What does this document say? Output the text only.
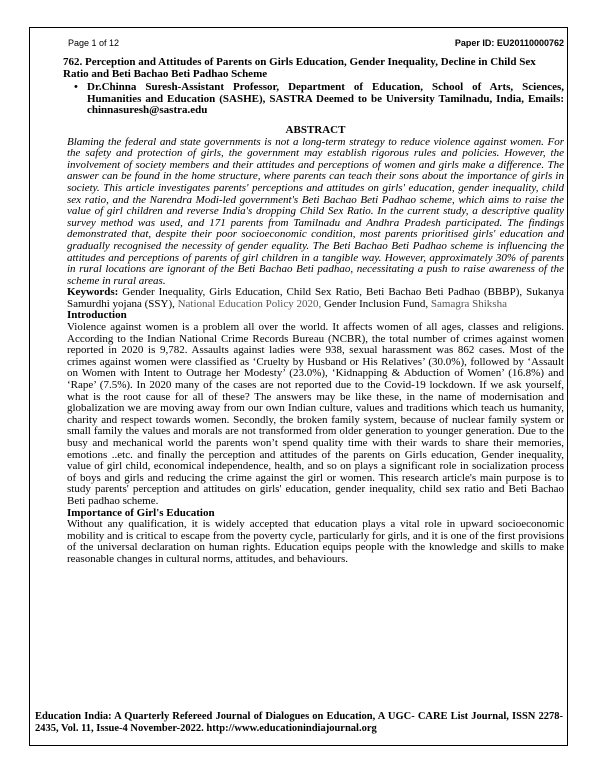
Page 1 of 12	Paper ID: EU20110000762
762. Perception and Attitudes of Parents on Girls Education, Gender Inequality, Decline in Child Sex Ratio and Beti Bachao Beti Padhao Scheme
• Dr.Chinna Suresh-Assistant Professor, Department of Education, School of Arts, Sciences, Humanities and Education (SASHE), SASTRA Deemed to be University Tamilnadu, India, Emails: chinnasuresh@sastra.edu
ABSTRACT
Blaming the federal and state governments is not a long-term strategy to reduce violence against women. For the safety and protection of girls, the government may establish rigorous rules and policies. However, the involvement of society members and their attitudes and perceptions of women and girls make a difference. The answer can be found in the home structure, where parents can teach their sons about the importance of girls in society. This article investigates parents' perceptions and attitudes on girls' education, gender inequality, child sex ratio, and the Narendra Modi-led government's Beti Bachao Beti Padhao scheme, which aims to raise the value of girl children and reverse India's dropping Child Sex Ratio. In the current study, a descriptive quality survey method was used, and 171 parents from Tamilnadu and Andhra Pradesh participated. The findings demonstrated that, despite their poor socioeconomic condition, most parents prioritised girls' education and gradually recognised the necessity of gender equality. The Beti Bachao Beti Padhao scheme is influencing the attitudes and perceptions of parents of girl children in a tangible way. However, approximately 30% of parents in rural locations are ignorant of the Beti Bachao Beti padhao, necessitating a push to raise awareness of the scheme in rural areas.
Keywords: Gender Inequality, Girls Education, Child Sex Ratio, Beti Bachao Beti Padhao (BBBP), Sukanya Samurdhi yojana (SSY), National Education Policy 2020, Gender Inclusion Fund, Samagra Shiksha
Introduction
Violence against women is a problem all over the world. It affects women of all ages, classes and religions. According to the Indian National Crime Records Bureau (NCBR), the total number of crimes against women reported in 2020 is 9,782. Assaults against ladies were 938, sexual harassment was 862 cases. Most of the crimes against women were classified as ‘Cruelty by Husband or His Relatives’ (30.0%), followed by ‘Assault on Women with Intent to Outrage her Modesty’ (23.0%), ‘Kidnapping & Abduction of Women’ (16.8%) and ‘Rape’ (7.5%). In 2020 many of the cases are not reported due to the Covid-19 lockdown. If we ask yourself, what is the root cause for all of these? The answers may be like these, in the name of modernisation and globalization we are moving away from our own Indian culture, values and traditions which teach us humanity, charity and respect towards women. Secondly, the broken family system, because of nuclear family system or small family the values and morals are not transformed from older generation to younger generation. Due to the busy and mechanical world the parents won’t spend quality time with their wards to share their memories, emotions ..etc. and finally the perception and attitudes of the parents on Girls education, Gender inequality, value of girl child, economical independence, health, and so on plays a significant role in socialization process of boys and girls and reducing the crime against the girl or women. This research article's main purpose is to study parents' perception and attitudes on girls' education, gender inequality, child sex ratio and Beti Bachao Beti padhao scheme.
Importance of Girl's Education
Without any qualification, it is widely accepted that education plays a vital role in upward socioeconomic mobility and is critical to escape from the poverty cycle, particularly for girls, and it is one of the first provisions of the universal declaration on human rights. Education equips people with the knowledge and skills to make reasonable changes in cultural norms, attitudes, and behaviours.
Education India: A Quarterly Refereed Journal of Dialogues on Education, A UGC- CARE List Journal, ISSN 2278-2435, Vol. 11, Issue-4 November-2022. http://www.educationindiajournal.org
